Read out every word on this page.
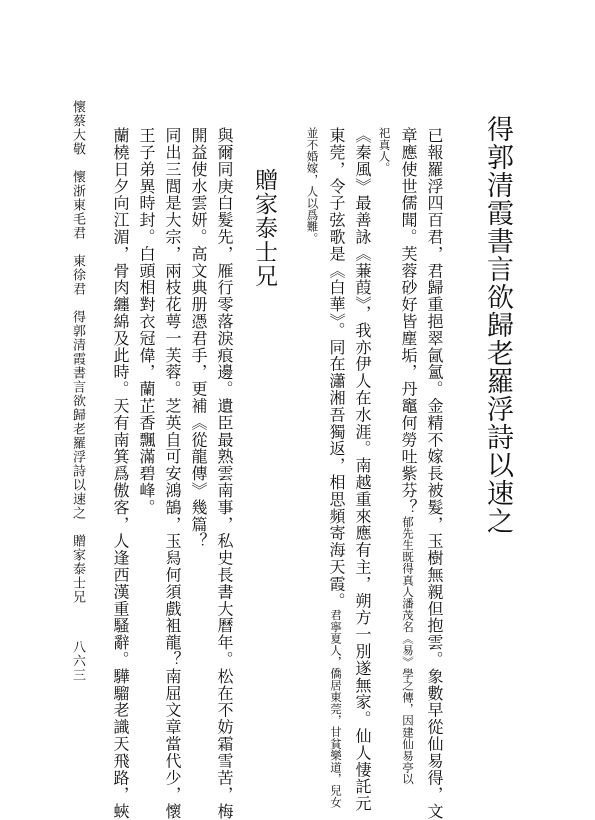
得郭清霞書言欲歸老羅浮詩以速之
已報羅浮四百君，君歸重挹翠氤氳。金精不嫁長被髮，玉樹無親但抱雲。象數早從仙易得，文
章應使世儒聞。芙蓉砂好皆塵垢，丹竈何勞吐紫芬？郁先生既得真人潘茂名《易》學之傳，因建仙易亭以
祀真人。
《秦風》最善詠《蒹葭》，我亦伊人在水涯。南越重來應有主，朔方一別遂無家。仙人悽託元
東莞，令子弦歌是《白華》。同在瀟湘吾獨返，相思頻寄海天霞。君寧夏人，僑居東莞，甘貧樂道，兒女
並不婚嫁，人以爲難。
贈家泰士兄
與爾同庚白髮先，雁行零落淚痕邊。遺臣最熟雲南事，私史長書大曆年。松在不妨霜雪苦，梅
開益使水雲妍。高文典册憑君手，更補《從龍傳》幾篇？
同出三閭是大宗，兩枝花萼一芙蓉。芝英自可安鴻鵠，玉舄何須戲袓龍？南屈文章當代少，懷
王子弟異時封。白頭相對衣冠偉，蘭芷香飄滿碧峰。
蘭橈日夕向江湄，骨肉纏綿及此時。天有南箕爲傲客，人逢西漢重騷辭。驊騮老識天飛路，蛺
懷蔡大敬　懷浙東毛君　東徐君　得郭清霞書言欲歸老羅浮詩以速之　贈家泰士兄
八六三
